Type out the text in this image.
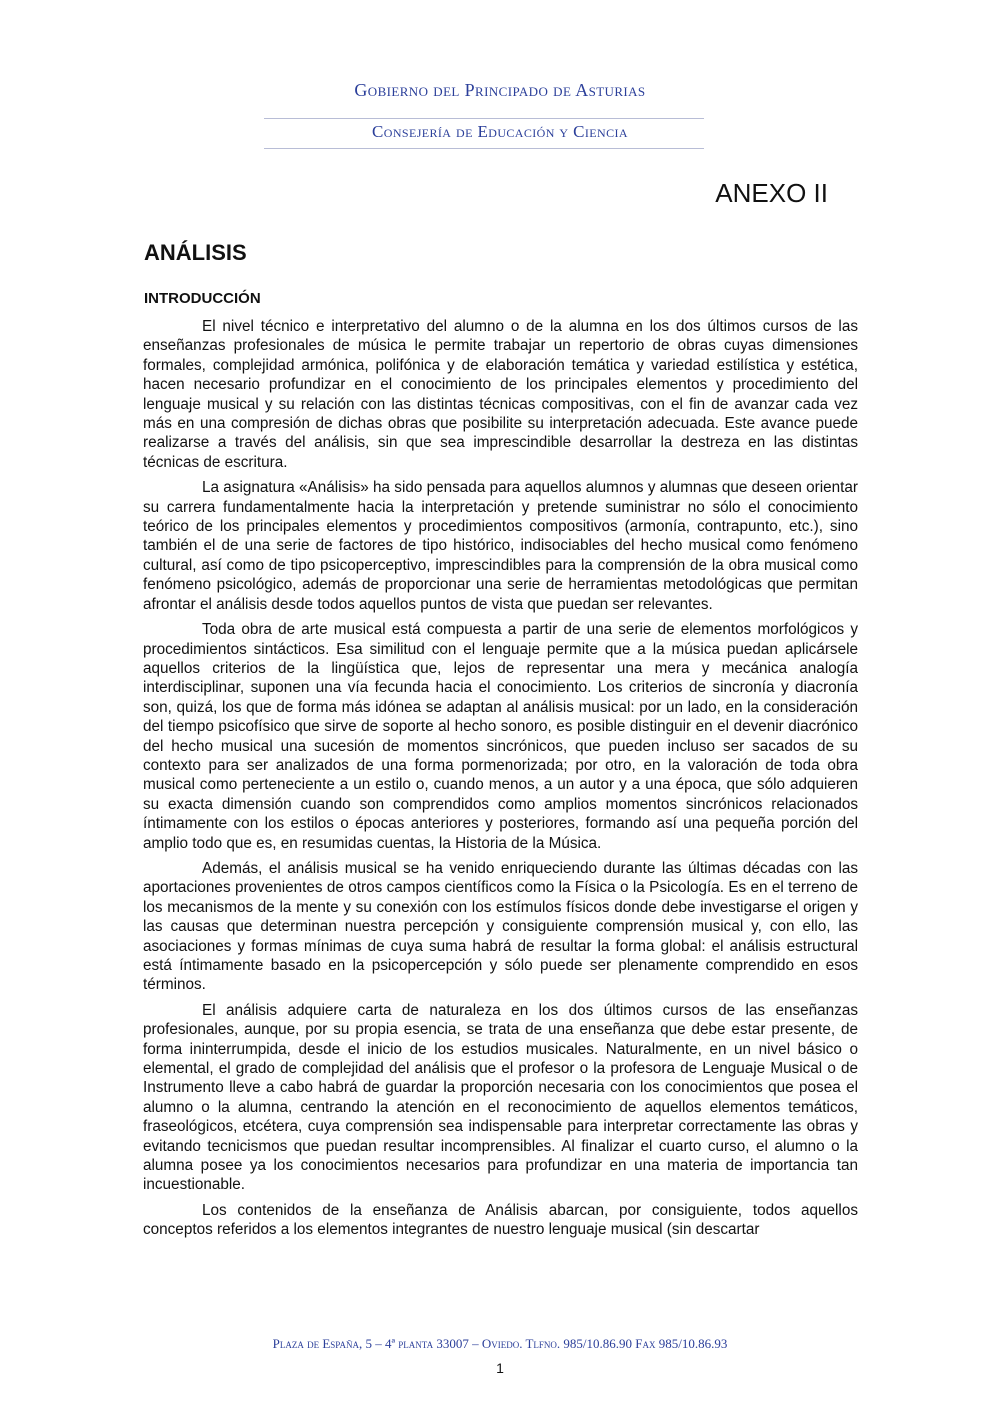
Gobierno del Principado de Asturias
Consejería de Educación y Ciencia
ANEXO II
ANÁLISIS
INTRODUCCIÓN

El nivel técnico e interpretativo del alumno o de la alumna en los dos últimos cursos de las enseñanzas profesionales de música le permite trabajar un repertorio de obras cuyas dimensiones formales, complejidad armónica, polifónica y de elaboración temática y variedad estilística y estética, hacen necesario profundizar en el conocimiento de los principales elementos y procedimiento del lenguaje musical y su relación con las distintas técnicas compositivas, con el fin de avanzar cada vez más en una compresión de dichas obras que posibilite su interpretación adecuada. Este avance puede realizarse a través del análisis, sin que sea imprescindible desarrollar la destreza en las distintas técnicas de escritura.

La asignatura «Análisis» ha sido pensada para aquellos alumnos y alumnas que deseen orientar su carrera fundamentalmente hacia la interpretación y pretende suministrar no sólo el conocimiento teórico de los principales elementos y procedimientos compositivos (armonía, contrapunto, etc.), sino también el de una serie de factores de tipo histórico, indisociables del hecho musical como fenómeno cultural, así como de tipo psicoperceptivo, imprescindibles para la comprensión de la obra musical como fenómeno psicológico, además de proporcionar una serie de herramientas metodológicas que permitan afrontar el análisis desde todos aquellos puntos de vista que puedan ser relevantes.

Toda obra de arte musical está compuesta a partir de una serie de elementos morfológicos y procedimientos sintácticos. Esa similitud con el lenguaje permite que a la música puedan aplicársele aquellos criterios de la lingüística que, lejos de representar una mera y mecánica analogía interdisciplinar, suponen una vía fecunda hacia el conocimiento. Los criterios de sincronía y diacronía son, quizá, los que de forma más idónea se adaptan al análisis musical: por un lado, en la consideración del tiempo psicofísico que sirve de soporte al hecho sonoro, es posible distinguir en el devenir diacrónico del hecho musical una sucesión de momentos sincrónicos, que pueden incluso ser sacados de su contexto para ser analizados de una forma pormenorizada; por otro, en la valoración de toda obra musical como perteneciente a un estilo o, cuando menos, a un autor y a una época, que sólo adquieren su exacta dimensión cuando son comprendidos como amplios momentos sincrónicos relacionados íntimamente con los estilos o épocas anteriores y posteriores, formando así una pequeña porción del amplio todo que es, en resumidas cuentas, la Historia de la Música.

Además, el análisis musical se ha venido enriqueciendo durante las últimas décadas con las aportaciones provenientes de otros campos científicos como la Física o la Psicología. Es en el terreno de los mecanismos de la mente y su conexión con los estímulos físicos donde debe investigarse el origen y las causas que determinan nuestra percepción y consiguiente comprensión musical y, con ello, las asociaciones y formas mínimas de cuya suma habrá de resultar la forma global: el análisis estructural está íntimamente basado en la psicopercepción y sólo puede ser plenamente comprendido en esos términos.

El análisis adquiere carta de naturaleza en los dos últimos cursos de las enseñanzas profesionales, aunque, por su propia esencia, se trata de una enseñanza que debe estar presente, de forma ininterrumpida, desde el inicio de los estudios musicales. Naturalmente, en un nivel básico o elemental, el grado de complejidad del análisis que el profesor o la profesora de Lenguaje Musical o de Instrumento lleve a cabo habrá de guardar la proporción necesaria con los conocimientos que posea el alumno o la alumna, centrando la atención en el reconocimiento de aquellos elementos temáticos, fraseológicos, etcétera, cuya comprensión sea indispensable para interpretar correctamente las obras y evitando tecnicismos que puedan resultar incomprensibles. Al finalizar el cuarto curso, el alumno o la alumna posee ya los conocimientos necesarios para profundizar en una materia de importancia tan incuestionable.

Los contenidos de la enseñanza de Análisis abarcan, por consiguiente, todos aquellos conceptos referidos a los elementos integrantes de nuestro lenguaje musical (sin descartar

Plaza de España, 5 – 4ª planta 33007 – Oviedo. Tlfno. 985/10.86.90 Fax 985/10.86.93
1
